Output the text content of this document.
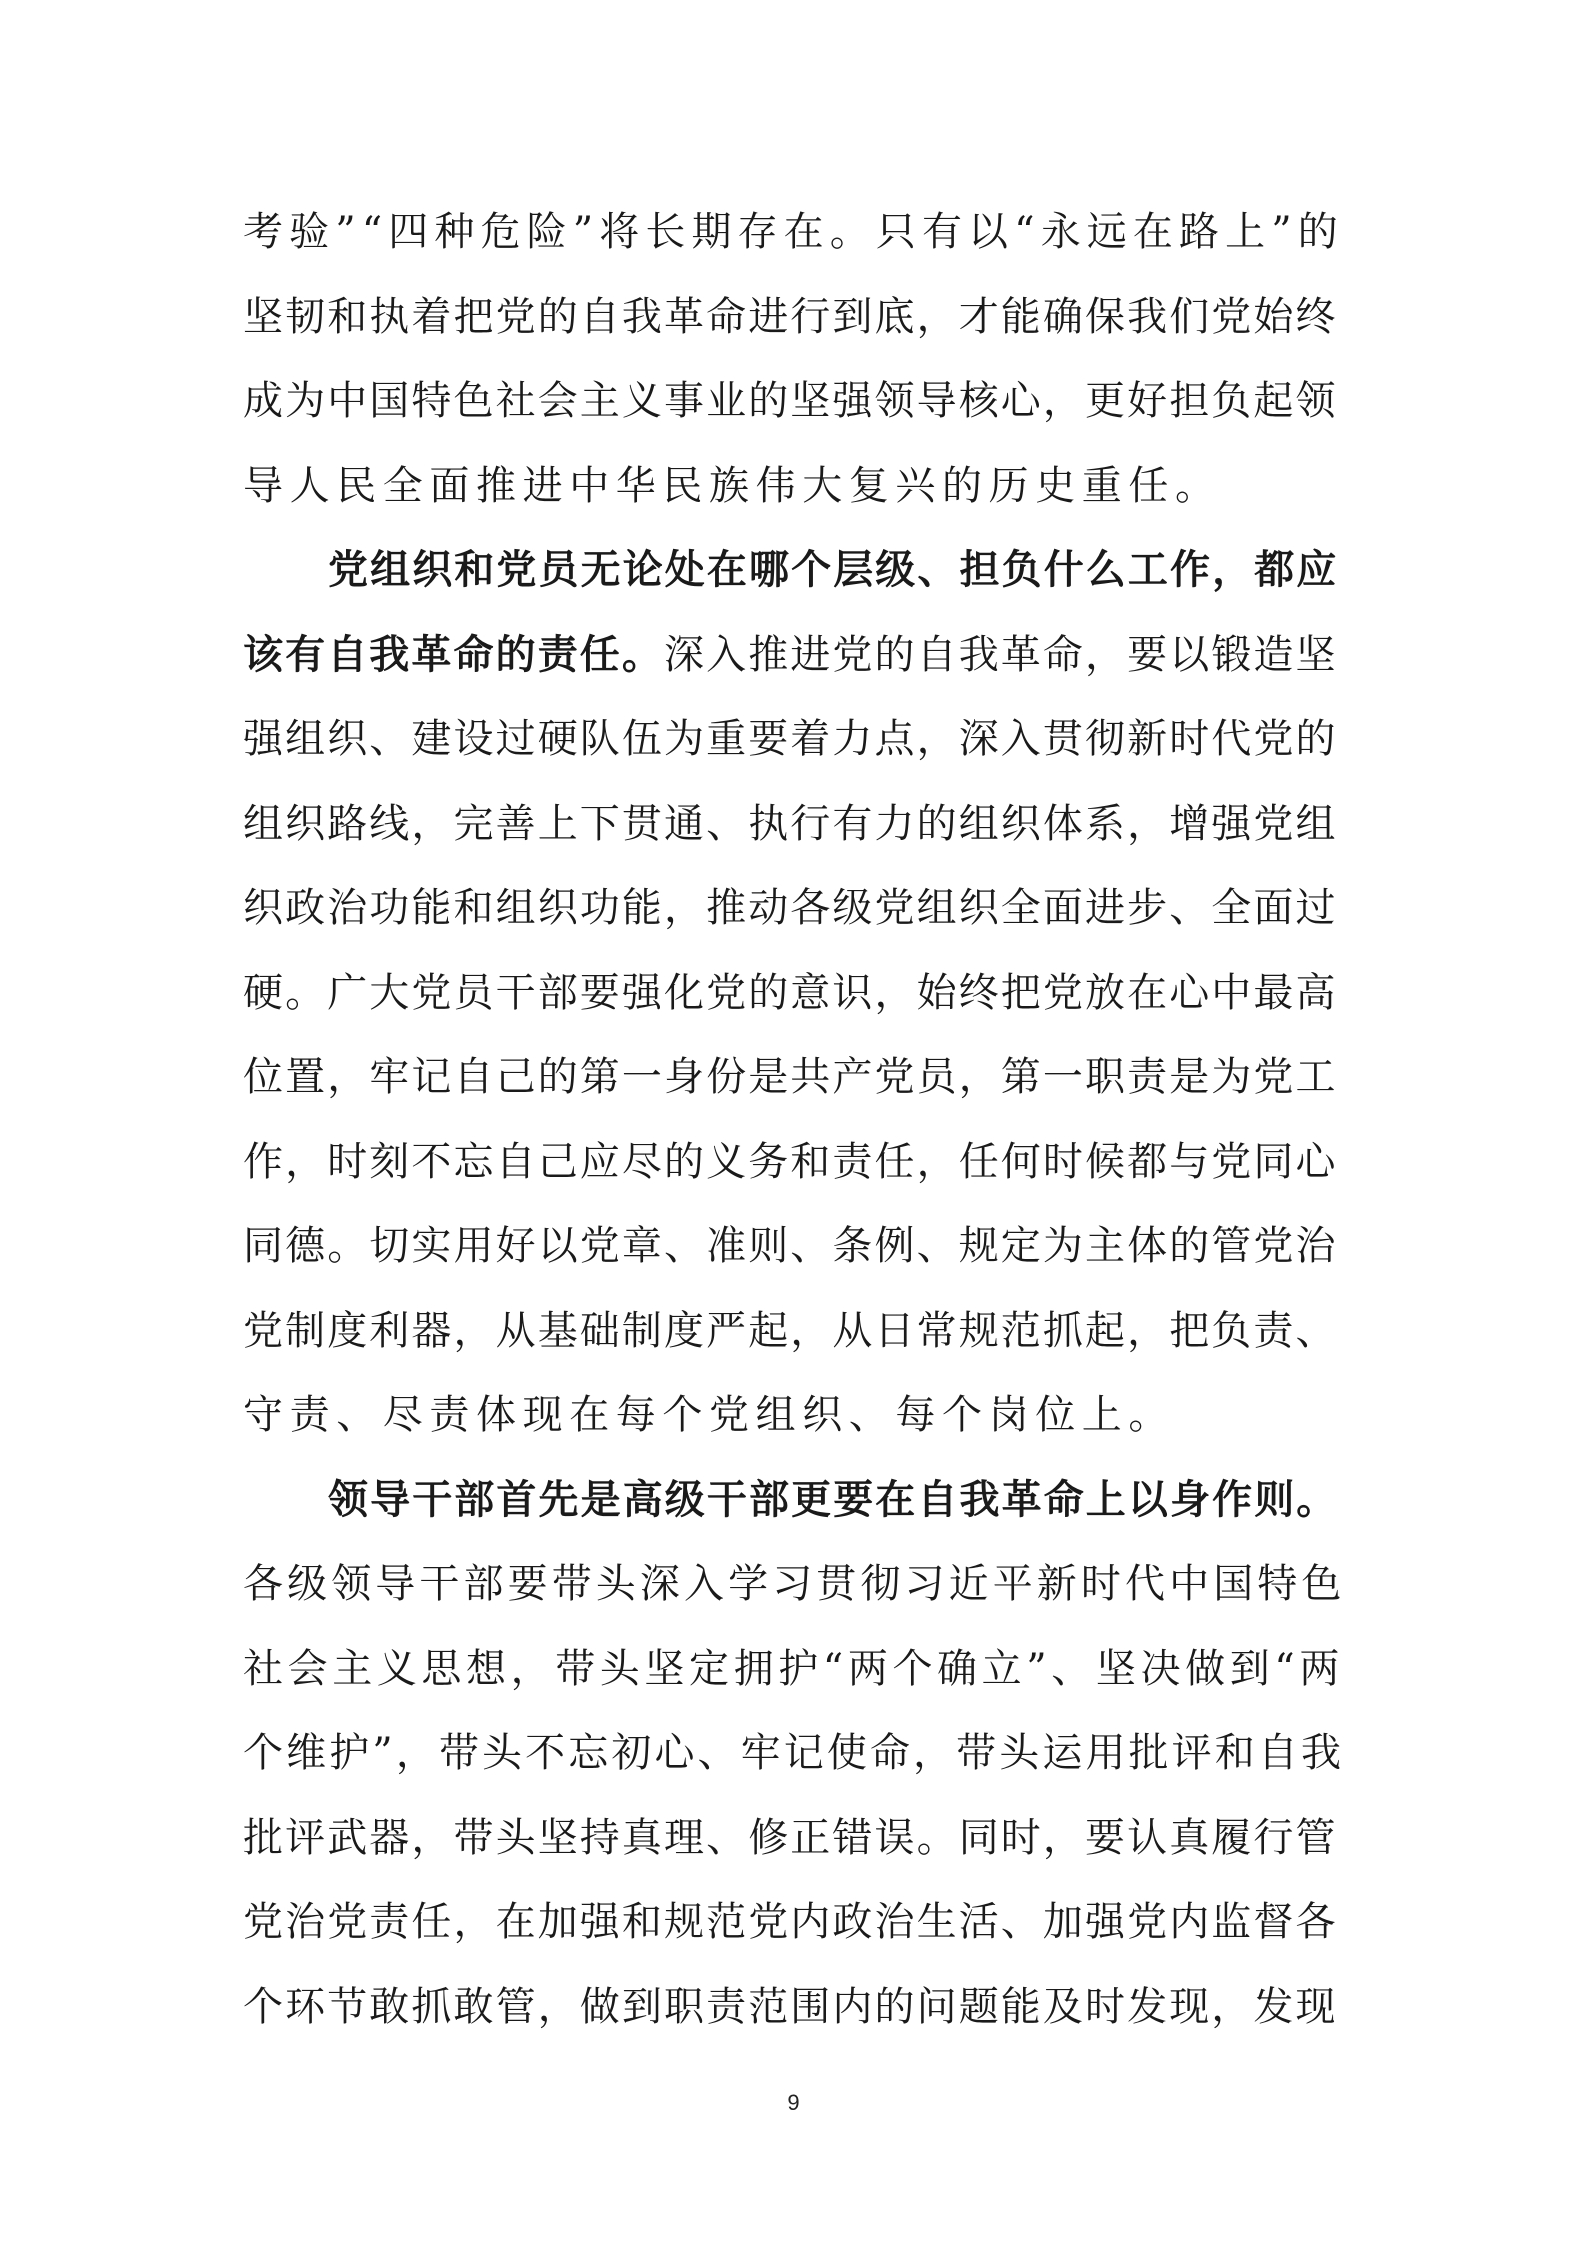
考验”“四种危险”将长期存在。只有以“永远在路上”的
坚韧和执着把党的自我革命进行到底，才能确保我们党始终
成为中国特色社会主义事业的坚强领导核心，更好担负起领
导人民全面推进中华民族伟大复兴的历史重任。
党组织和党员无论处在哪个层级、担负什么工作，都应
该有自我革命的责任。深入推进党的自我革命，要以锻造坚
强组织、建设过硬队伍为重要着力点，深入贯彻新时代党的
组织路线，完善上下贯通、执行有力的组织体系，增强党组
织政治功能和组织功能，推动各级党组织全面进步、全面过
硬。广大党员干部要强化党的意识，始终把党放在心中最高
位置，牢记自己的第一身份是共产党员，第一职责是为党工
作，时刻不忘自己应尽的义务和责任，任何时候都与党同心
同德。切实用好以党章、准则、条例、规定为主体的管党治
党制度利器，从基础制度严起，从日常规范抓起，把负责、
守责、尽责体现在每个党组织、每个岗位上。
领导干部首先是高级干部更要在自我革命上以身作则。
各级领导干部要带头深入学习贯彻习近平新时代中国特色
社会主义思想，带头坚定拥护“两个确立”、坚决做到“两
个维护”，带头不忘初心、牢记使命，带头运用批评和自我
批评武器，带头坚持真理、修正错误。同时，要认真履行管
党治党责任，在加强和规范党内政治生活、加强党内监督各
个环节敢抓敢管，做到职责范围内的问题能及时发现，发现
9
